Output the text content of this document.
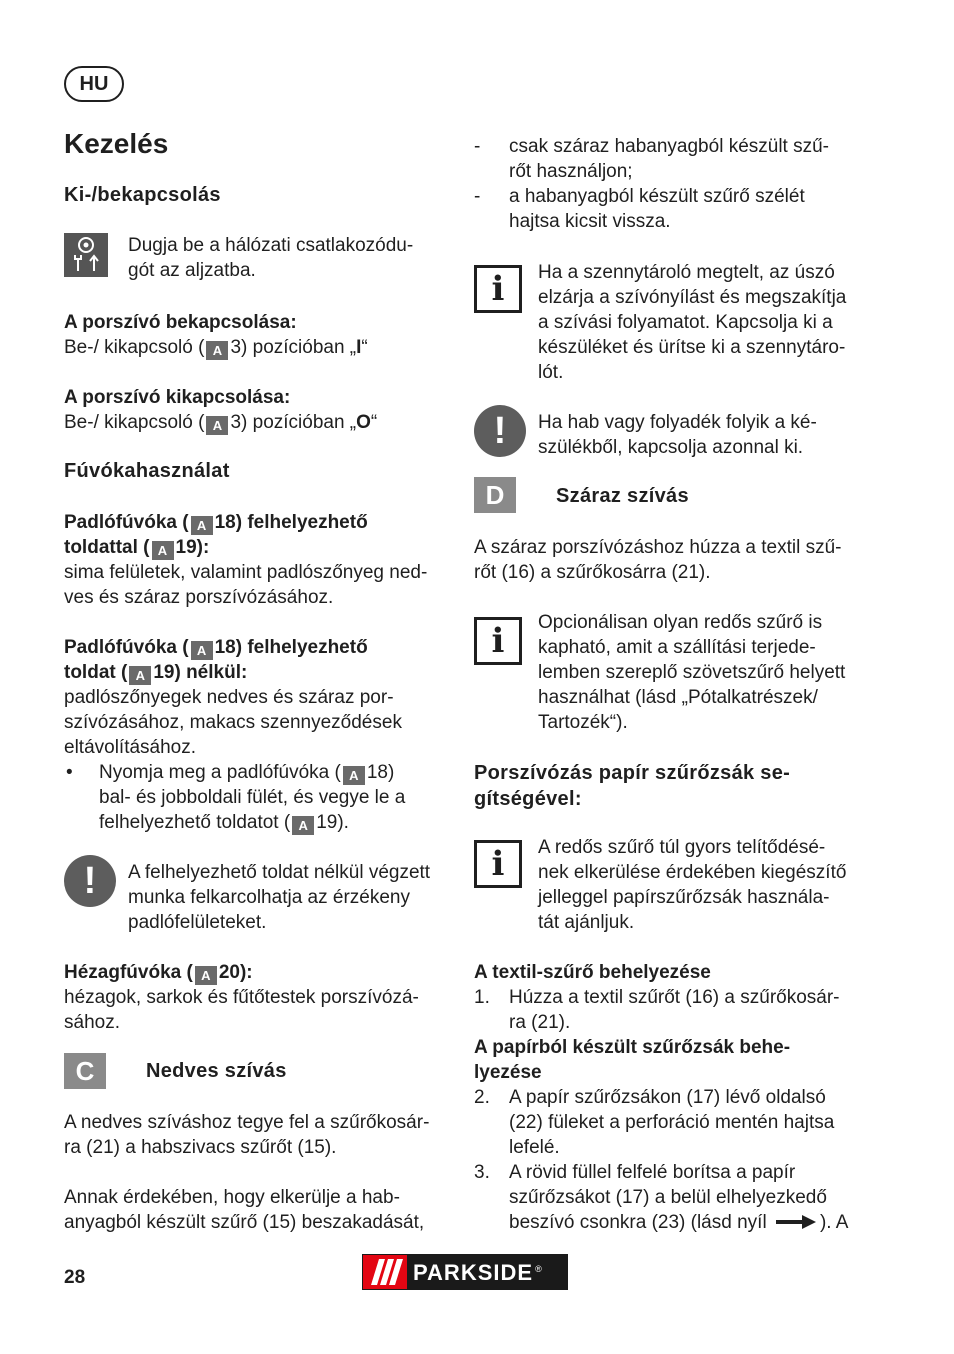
HU
Kezelés
Ki-/bekapcsolás

Dugja be a hálózati csatlakozódu-

gót az aljzatba.

A porszívó bekapcsolása:

Be-/ kikapcsoló ( A 3) pozícióban „I“

A porszívó kikapcsolása:

Be-/ kikapcsoló ( A 3) pozícióban „O“

Fúvókahasználat

Padlófúvóka ( A 18) felhelyezhető

toldattal ( A 19):

sima felületek, valamint padlószőnyeg ned-

ves és száraz porszívózásához.

Padlófúvóka ( A 18) felhelyezhető

toldat ( A 19) nélkül:

padlószőnyegek nedves és száraz por-

szívózásához, makacs szennyeződések

eltávolításához.

• Nyomja meg a padlófúvóka ( A 18)
bal- és jobboldali fülét, és vegye le a
felhelyezhető toldatot ( A 19).
!	A felhelyezhető toldat nélkül végzett

munka felkarcolhatja az érzékeny

padlófelületeket.

Hézagfúvóka ( A 20):

hézagok, sarkok és fűtőtestek porszívózá-

sához.

C	Nedves szívás

A nedves szíváshoz tegye fel a szűrőkosár-

ra (21) a habszivacs szűrőt (15).

Annak érdekében, hogy elkerülje a hab-

anyagból készült szűrő (15) beszakadását,

- csak száraz habanyagból készült szű-
rőt használjon;
- a habanyagból készült szűrő szélét
hajtsa kicsit vissza.
i	Ha a szennytároló megtelt, az úszó

elzárja a szívónyílást és megszakítja

a szívási folyamatot. Kapcsolja ki a

készüléket és ürítse ki a szennytáro-

lót.

!	Ha hab vagy folyadék folyik a ké-

szülékből, kapcsolja azonnal ki.

D	Száraz szívás

A száraz porszívózáshoz húzza a textil szű-

rőt (16) a szűrőkosárra (21).

i	Opcionálisan olyan redős szűrő is

kapható, amit a szállítási terjede-

lemben szereplő szövetszűrő helyett

használhat (lásd „Pótalkatrészek/

Tartozék“).

Porszívózás papír szűrőzsák se-

gítségével:

i	A redős szűrő túl gyors telítődésé-

nek elkerülése érdekében kiegészítő

jelleggel papírszűrőzsák használa-

tát ajánljuk.

A textil-szűrő behelyezése

1. Húzza a textil szűrőt (16) a szűrőkosár-
ra (21).

A papírból készült szűrőzsák behe-

lyezése

2. A papír szűrőzsákon (17) lévő oldalsó
(22) füleket a perforáció mentén hajtsa
lefelé.
3. A rövid füllel felfelé borítsa a papír
szűrőzsákot (17) a belül elhelyezkedő
beszívó csonkra (23) (lásd nyíl	). A
28	PARKSIDE ®
